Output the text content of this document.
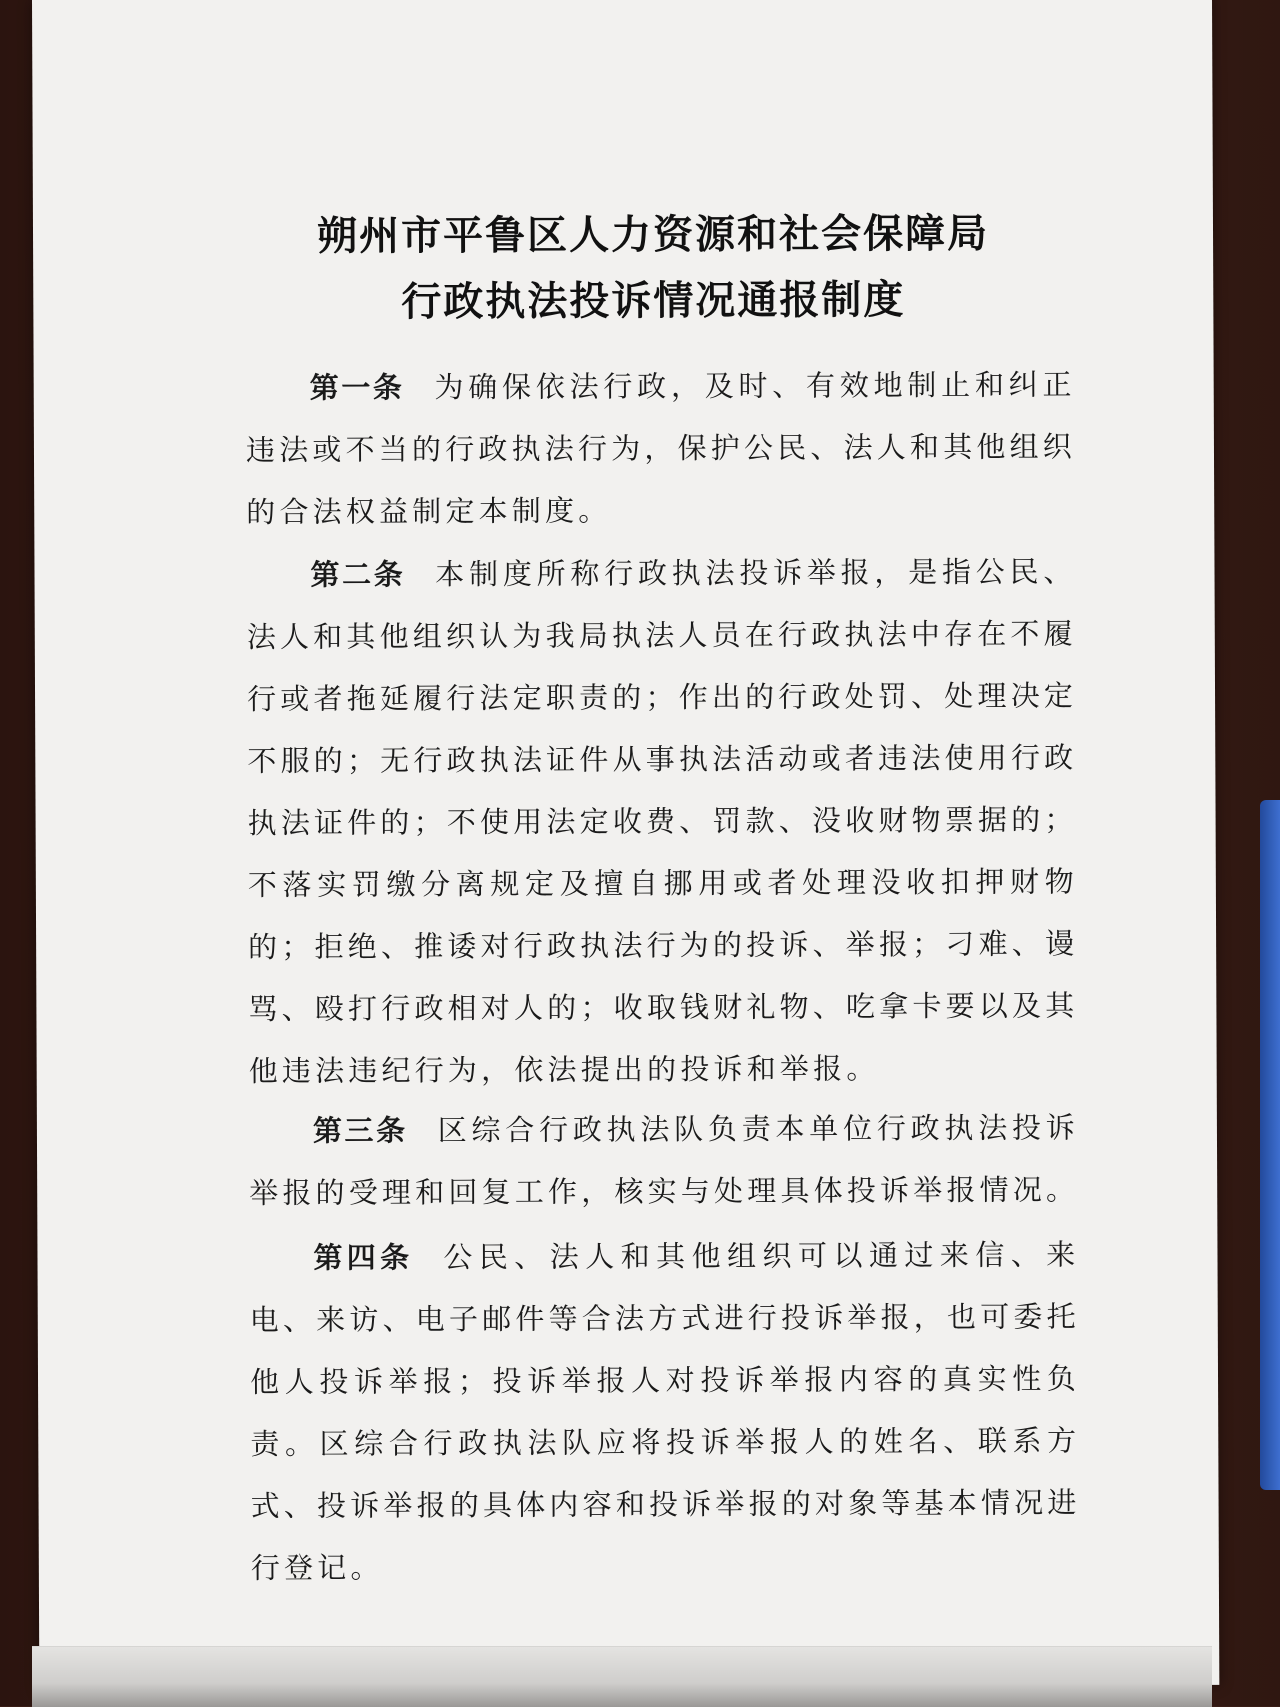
朔州市平鲁区人力资源和社会保障局
行政执法投诉情况通报制度
第一条 为确保依法行政，及时、有效地制止和纠正违法或不当的行政执法行为，保护公民、法人和其他组织的合法权益制定本制度。
第二条 本制度所称行政执法投诉举报，是指公民、法人和其他组织认为我局执法人员在行政执法中存在不履行或者拖延履行法定职责的；作出的行政处罚、处理决定不服的；无行政执法证件从事执法活动或者违法使用行政执法证件的；不使用法定收费、罚款、没收财物票据的；不落实罚缴分离规定及擅自挪用或者处理没收扣押财物的；拒绝、推诿对行政执法行为的投诉、举报；刁难、谩骂、殴打行政相对人的；收取钱财礼物、吃拿卡要以及其他违法违纪行为，依法提出的投诉和举报。
第三条 区综合行政执法队负责本单位行政执法投诉举报的受理和回复工作，核实与处理具体投诉举报情况。
第四条 公民、法人和其他组织可以通过来信、来电、来访、电子邮件等合法方式进行投诉举报，也可委托他人投诉举报；投诉举报人对投诉举报内容的真实性负责。区综合行政执法队应将投诉举报人的姓名、联系方式、投诉举报的具体内容和投诉举报的对象等基本情况进行登记。
